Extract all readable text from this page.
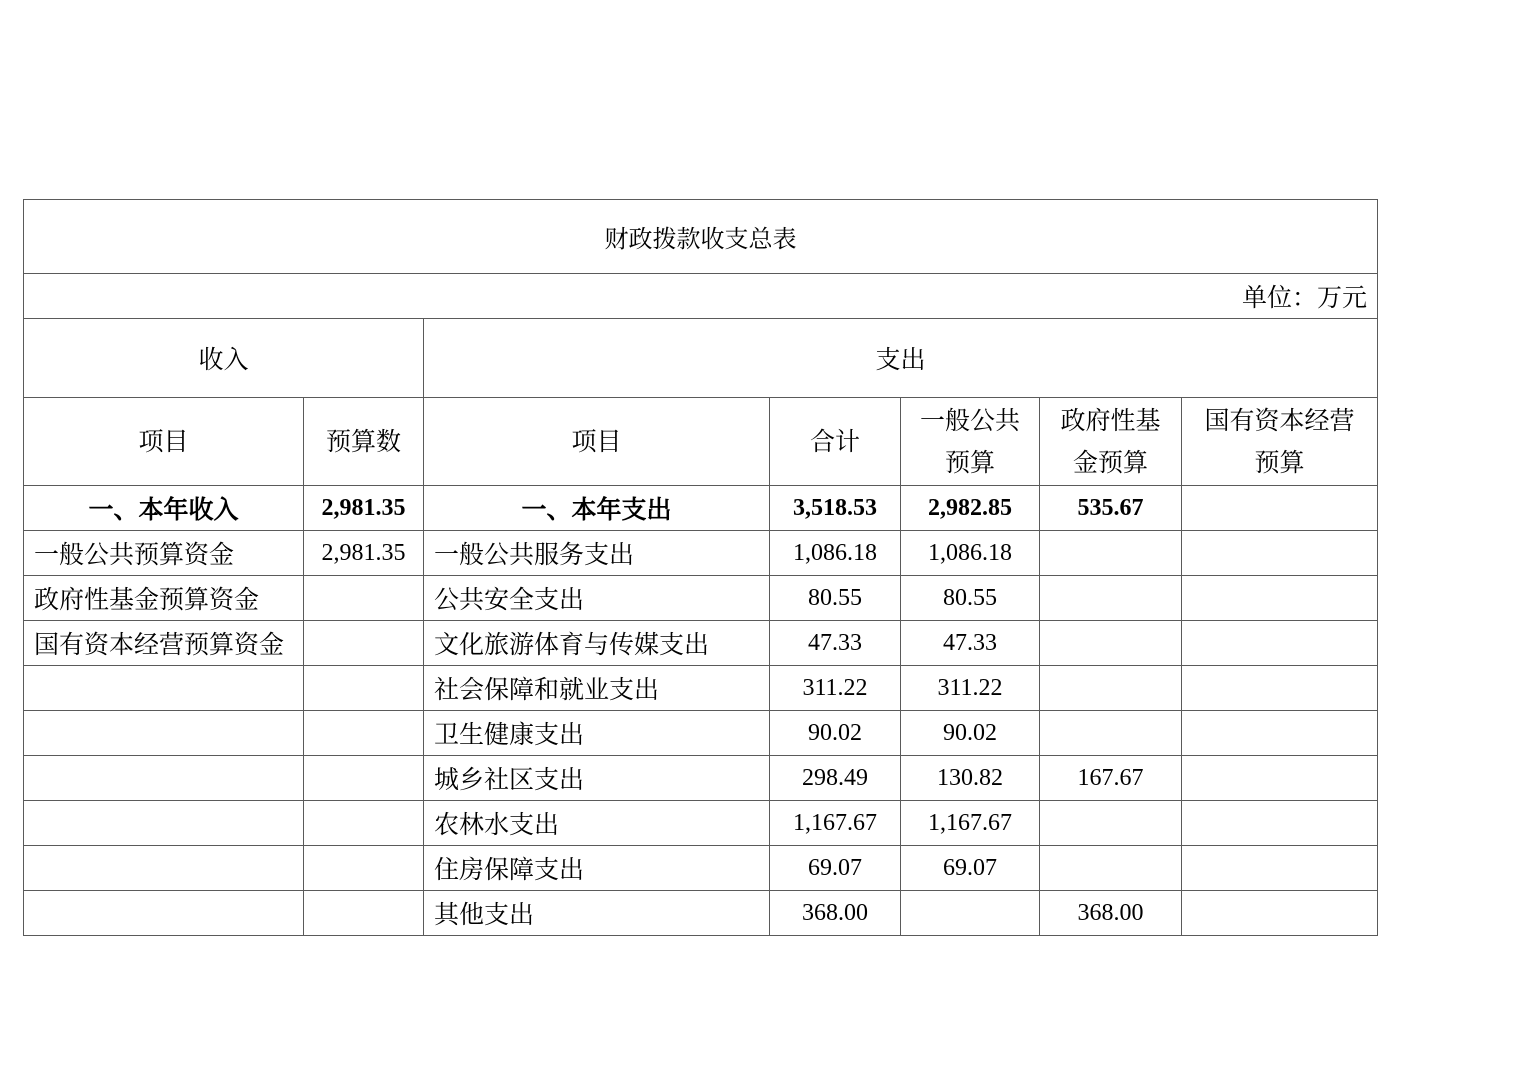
财政拨款收支总表						
单位：万元						
收入		支出				
项目	预算数	项目	合计	一般公共预算	政府性基金预算	国有资本经营预算
一、本年收入	2,981.35	一、本年支出	3,518.53	2,982.85	535.67	
一般公共预算资金	2,981.35	一般公共服务支出	1,086.18	1,086.18		
政府性基金预算资金		公共安全支出	80.55	80.55		
国有资本经营预算资金		文化旅游体育与传媒支出	47.33	47.33		
		社会保障和就业支出	311.22	311.22		
		卫生健康支出	90.02	90.02		
		城乡社区支出	298.49	130.82	167.67	
		农林水支出	1,167.67	1,167.67		
		住房保障支出	69.07	69.07		
		其他支出	368.00		368.00	
